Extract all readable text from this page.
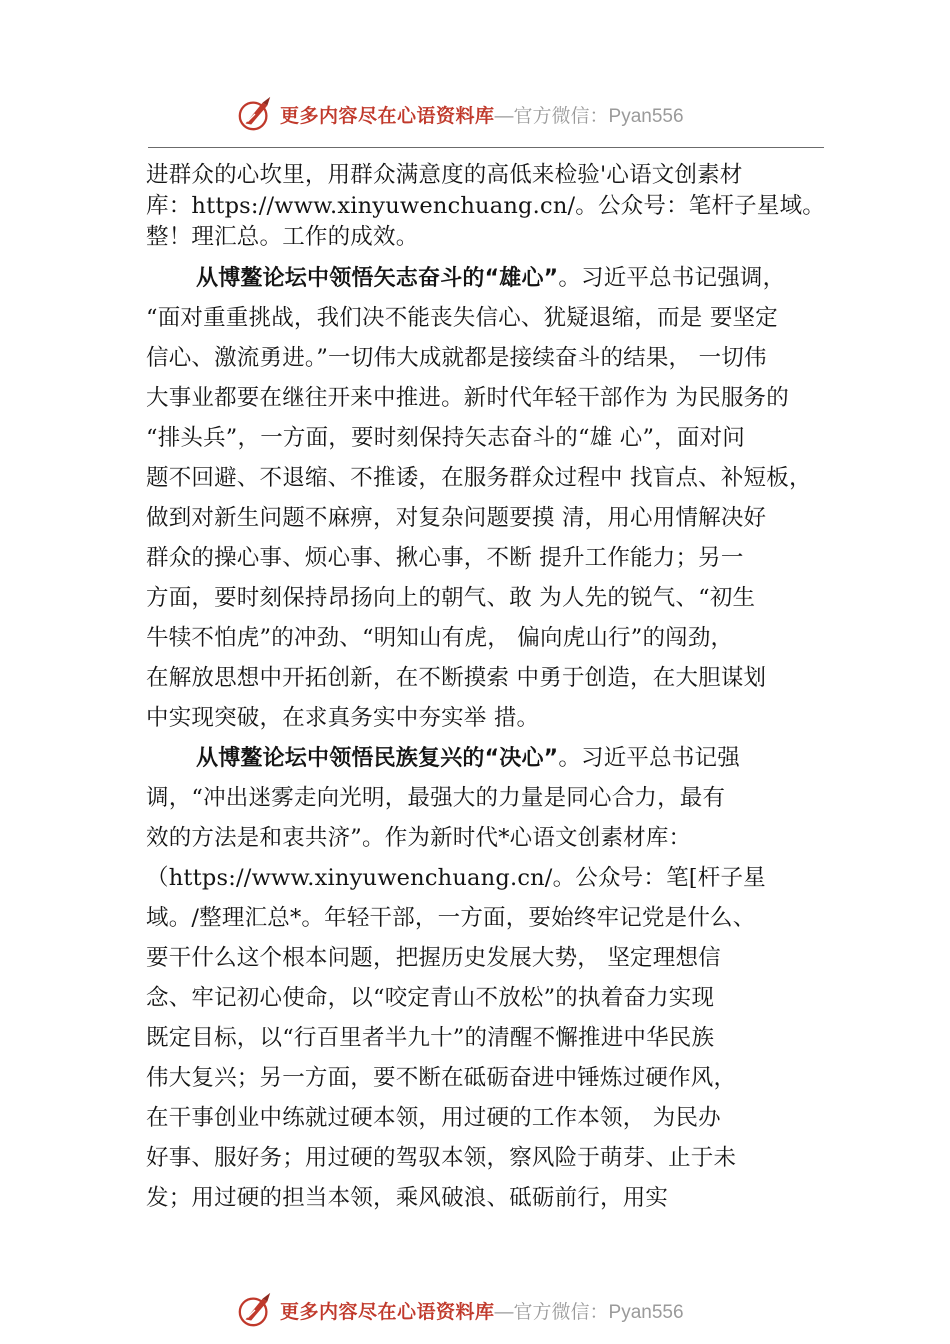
更多内容尽在心语资料库 —官方微信：Pyan556
进群众的心坎里，用群众满意度的高低来检验'心语文创素材
库：https://www.xinyuwenchuang.cn/。公众号：笔杆子星域。
整！理汇总。工作的成效。
从博鳌论坛中领悟矢志奋斗的“雄心”。习近平总书记强调，
“面对重重挑战，我们决不能丧失信心、犹疑退缩，而是 要坚定
信心、激流勇进。”一切伟大成就都是接续奋斗的结果， 一切伟
大事业都要在继往开来中推进。新时代年轻干部作为 为民服务的
“排头兵”，一方面，要时刻保持矢志奋斗的“雄 心”，面对问
题不回避、不退缩、不推诿，在服务群众过程中 找盲点、补短板，
做到对新生问题不麻痹，对复杂问题要摸 清，用心用情解决好
群众的操心事、烦心事、揪心事，不断 提升工作能力；另一
方面，要时刻保持昂扬向上的朝气、敢 为人先的锐气、“初生
牛犊不怕虎”的冲劲、“明知山有虎， 偏向虎山行”的闯劲，
在解放思想中开拓创新，在不断摸索 中勇于创造，在大胆谋划
中实现突破，在求真务实中夯实举 措。
从博鳌论坛中领悟民族复兴的“决心”。习近平总书记强
调，“冲出迷雾走向光明，最强大的力量是同心合力，最有
效的方法是和衷共济”。作为新时代*心语文创素材库：
（https://www.xinyuwenchuang.cn/。公众号：笔[杆子星
域。/整理汇总*。年轻干部，一方面，要始终牢记党是什么、
要干什么这个根本问题，把握历史发展大势， 坚定理想信
念、牢记初心使命，以“咬定青山不放松”的执着奋力实现
既定目标，以“行百里者半九十”的清醒不懈推进中华民族
伟大复兴；另一方面，要不断在砥砺奋进中锤炼过硬作风，
在干事创业中练就过硬本领，用过硬的工作本领， 为民办
好事、服好务；用过硬的驾驭本领，察风险于萌芽、止于未
发；用过硬的担当本领，乘风破浪、砥砺前行，用实
更多内容尽在心语资料库 —官方微信：Pyan556
